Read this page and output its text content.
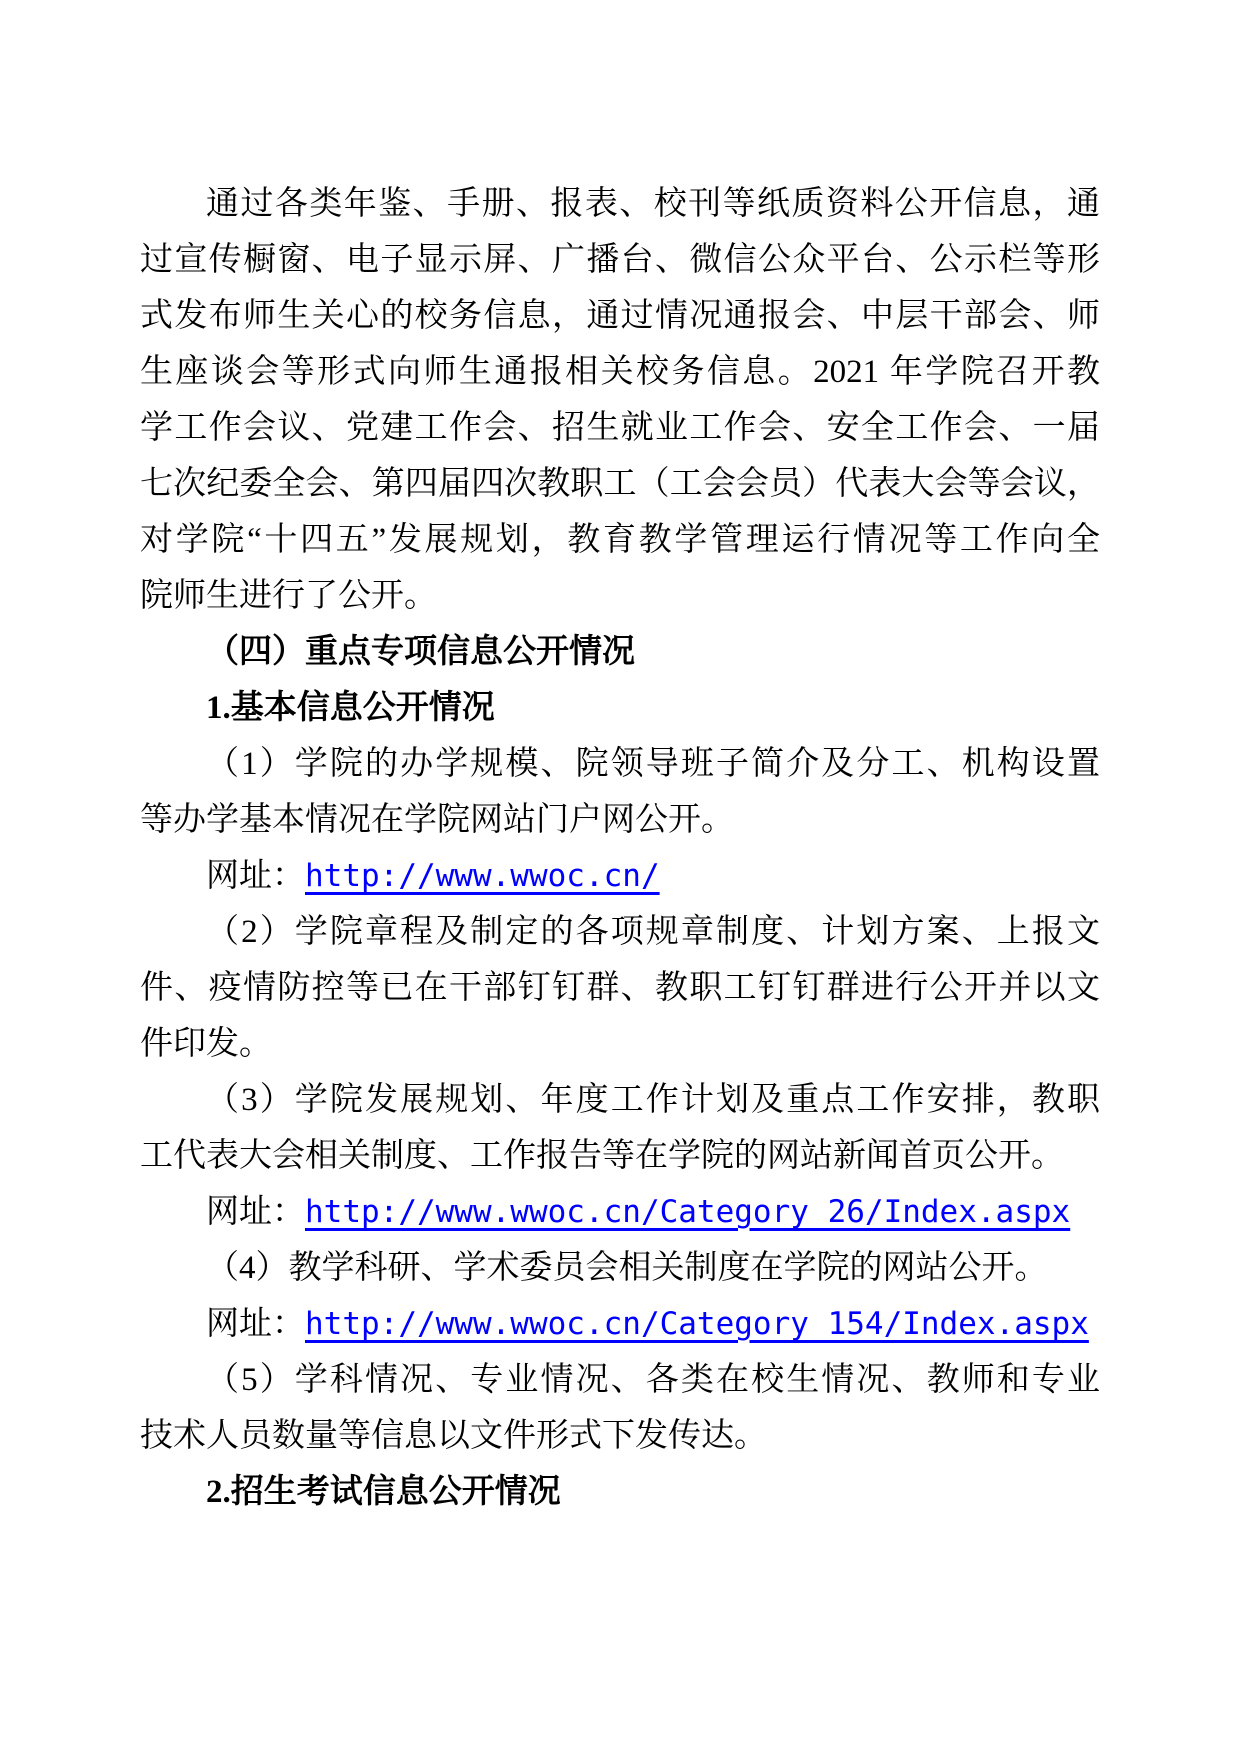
通过各类年鉴、手册、报表、校刊等纸质资料公开信息，通
过宣传橱窗、电子显示屏、广播台、微信公众平台、公示栏等形
式发布师生关心的校务信息，通过情况通报会、中层干部会、师
生座谈会等形式向师生通报相关校务信息。2021 年学院召开教
学工作会议、党建工作会、招生就业工作会、安全工作会、一届
七次纪委全会、第四届四次教职工（工会会员）代表大会等会议，
对学院“十四五”发展规划，教育教学管理运行情况等工作向全
院师生进行了公开。
（四）重点专项信息公开情况
1.基本信息公开情况
（1）学院的办学规模、院领导班子简介及分工、机构设置
等办学基本情况在学院网站门户网公开。
网址：http://www.wwoc.cn/
（2）学院章程及制定的各项规章制度、计划方案、上报文
件、疫情防控等已在干部钉钉群、教职工钉钉群进行公开并以文
件印发。
（3）学院发展规划、年度工作计划及重点工作安排，教职
工代表大会相关制度、工作报告等在学院的网站新闻首页公开。
网址：http://www.wwoc.cn/Category_26/Index.aspx
（4）教学科研、学术委员会相关制度在学院的网站公开。
网址：http://www.wwoc.cn/Category_154/Index.aspx
（5）学科情况、专业情况、各类在校生情况、教师和专业
技术人员数量等信息以文件形式下发传达。
2.招生考试信息公开情况
